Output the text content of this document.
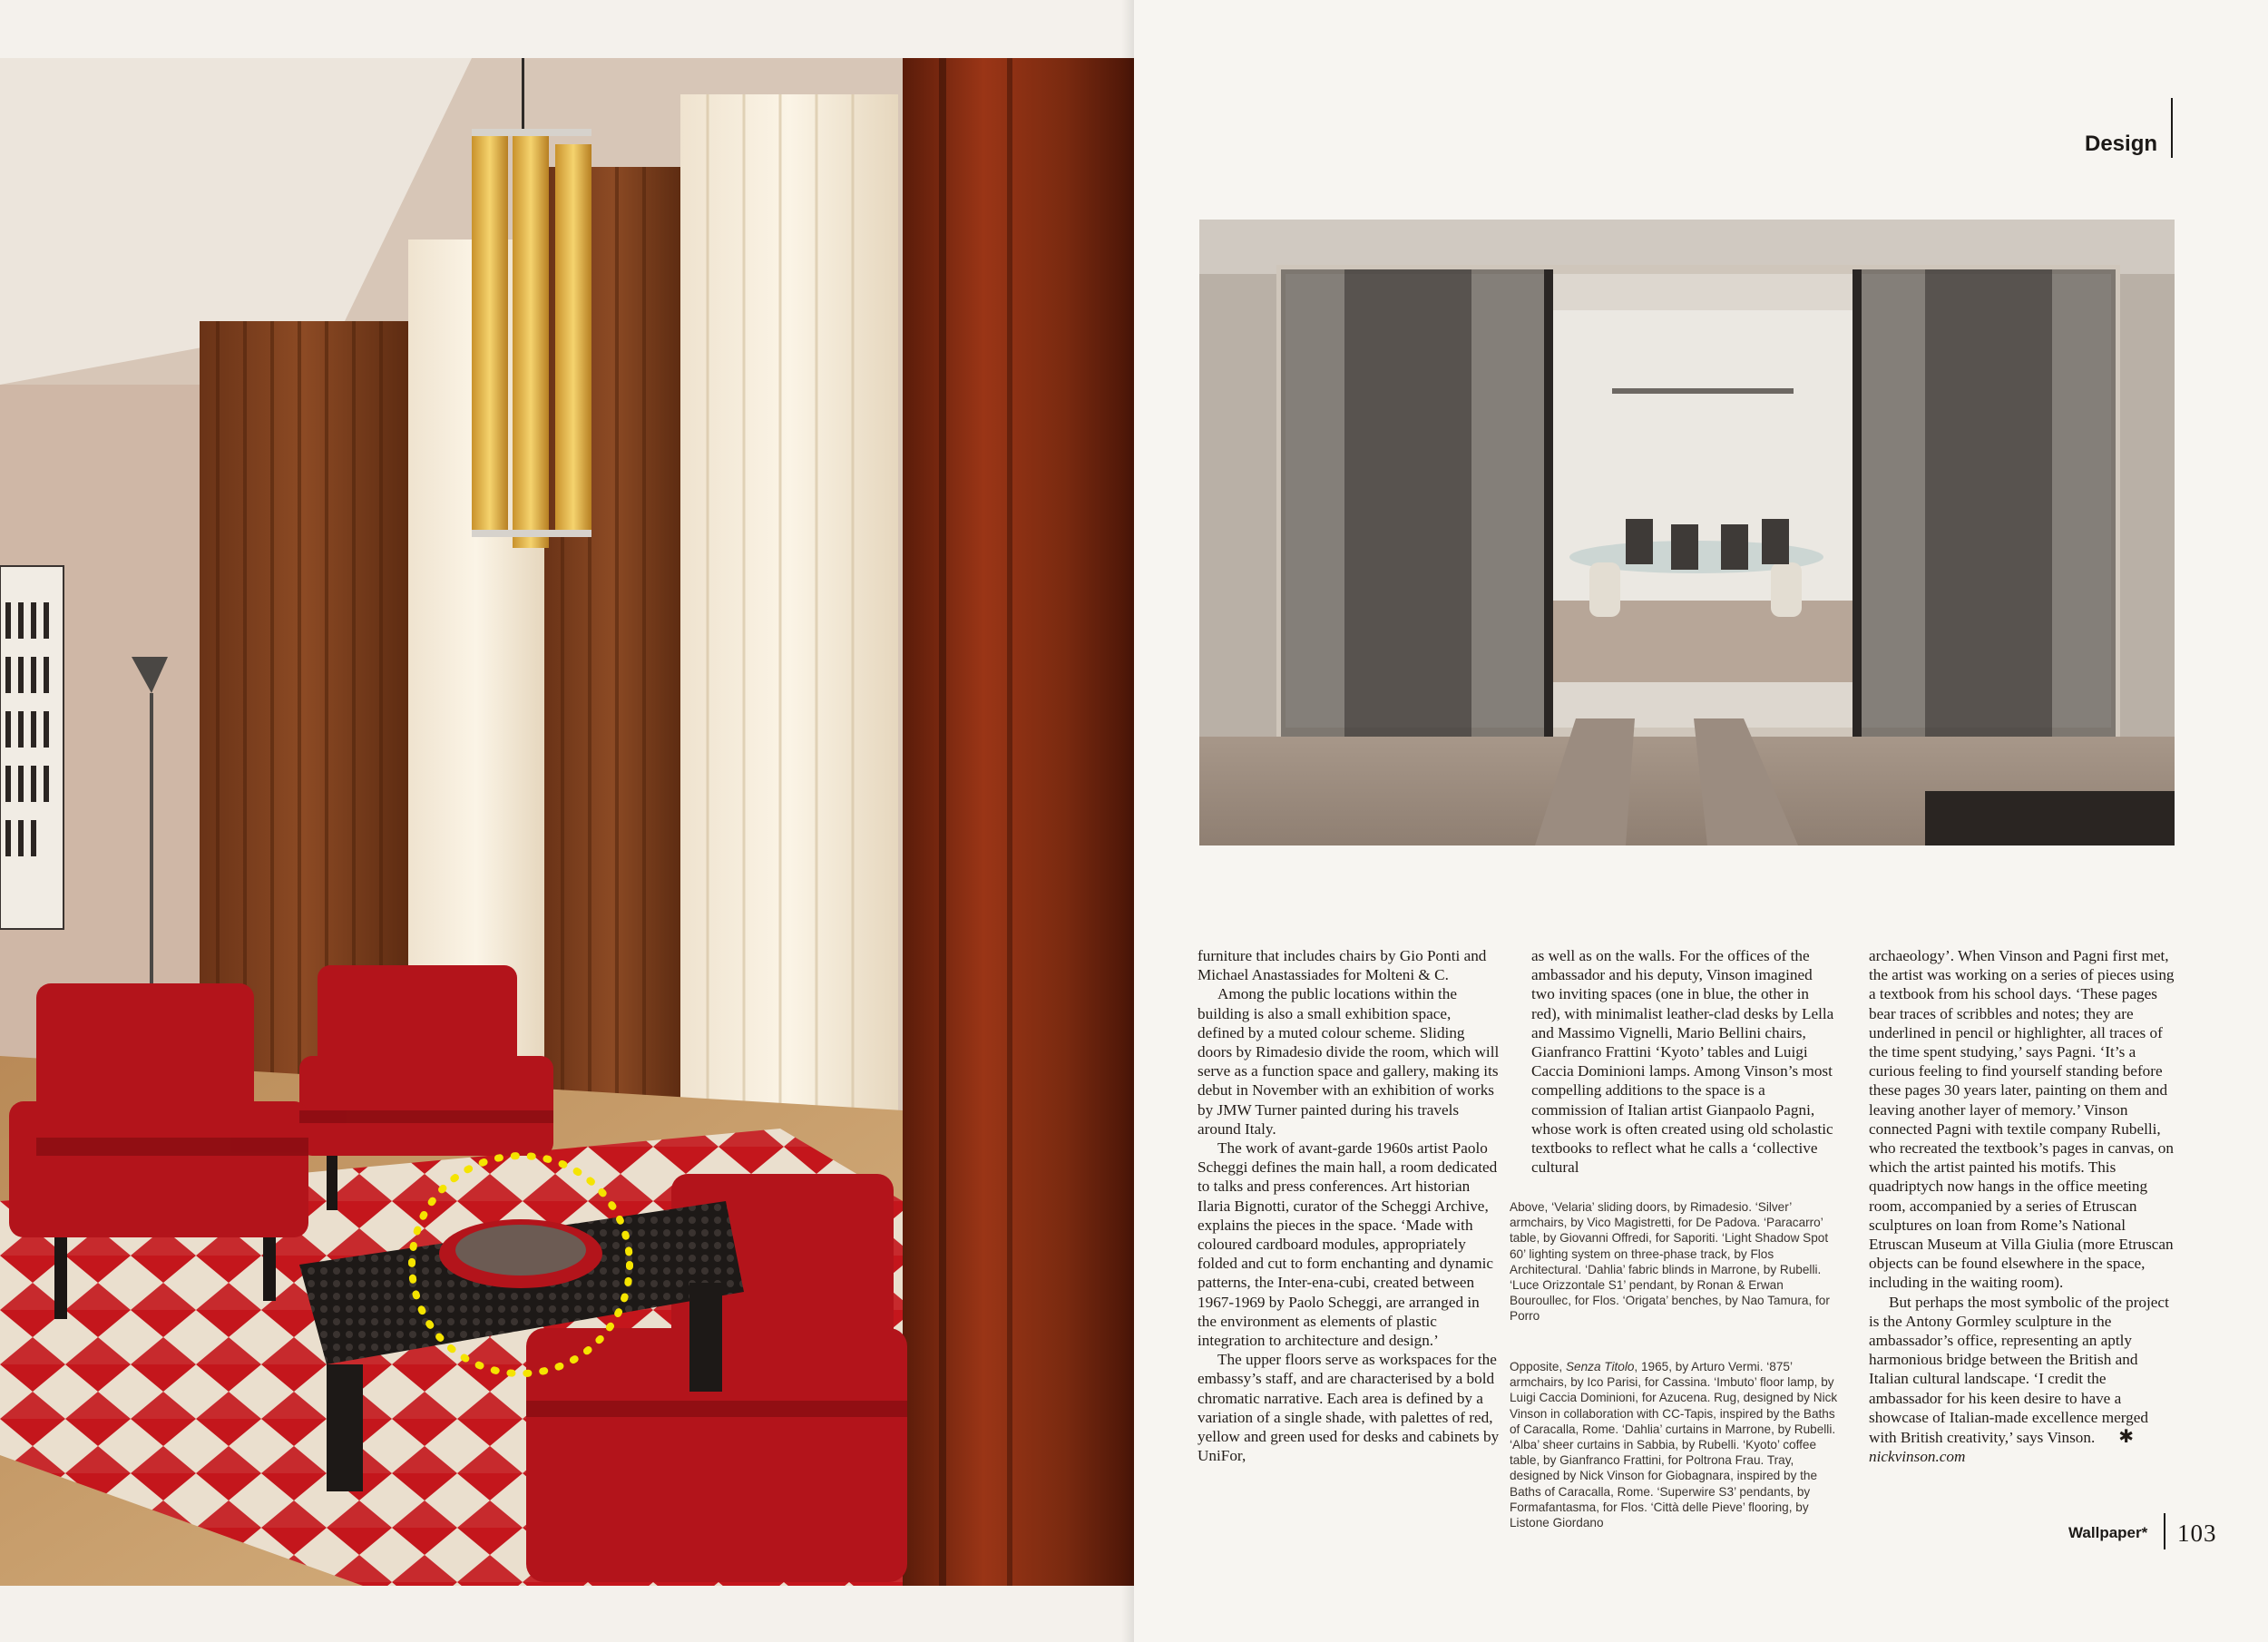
Design

furniture that includes chairs by Gio Ponti and Michael Anastassiades for Molteni & C.

Among the public locations within the building is also a small exhibition space, defined by a muted colour scheme. Sliding doors by Rimadesio divide the room, which will serve as a function space and gallery, making its debut in November with an exhibition of works by JMW Turner painted during his travels around Italy.

The work of avant-garde 1960s artist Paolo Scheggi defines the main hall, a room dedicated to talks and press conferences. Art historian Ilaria Bignotti, curator of the Scheggi Archive, explains the pieces in the space. ‘Made with coloured cardboard modules, appropriately folded and cut to form enchanting and dynamic patterns, the Inter-ena-cubi, created between 1967-1969 by Paolo Scheggi, are arranged in the environment as elements of plastic integration to architecture and design.’

The upper floors serve as workspaces for the embassy’s staff, and are characterised by a bold chromatic narrative. Each area is defined by a variation of a single shade, with palettes of red, yellow and green used for desks and cabinets by UniFor,

as well as on the walls. For the offices of the ambassador and his deputy, Vinson imagined two inviting spaces (one in blue, the other in red), with minimalist leather-clad desks by Lella and Massimo Vignelli, Mario Bellini chairs, Gianfranco Frattini ‘Kyoto’ tables and Luigi Caccia Dominioni lamps. Among Vinson’s most compelling additions to the space is a commission of Italian artist Gianpaolo Pagni, whose work is often created using old scholastic textbooks to reflect what he calls a ‘collective cultural

Above, ‘Velaria’ sliding doors, by Rimadesio. ‘Silver’ armchairs, by Vico Magistretti, for De Padova. ‘Paracarro’ table, by Giovanni Offredi, for Saporiti. ‘Light Shadow Spot 60’ lighting system on three-phase track, by Flos Architectural. ‘Dahlia’ fabric blinds in Marrone, by Rubelli. ‘Luce Orizzontale S1’ pendant, by Ronan & Erwan Bouroullec, for Flos. ‘Origata’ benches, by Nao Tamura, for Porro

Opposite, Senza Titolo, 1965, by Arturo Vermi. ‘875’ armchairs, by Ico Parisi, for Cassina. ‘Imbuto’ floor lamp, by Luigi Caccia Dominioni, for Azucena. Rug, designed by Nick Vinson in collaboration with CC-Tapis, inspired by the Baths of Caracalla, Rome. ‘Dahlia’ curtains in Marrone, by Rubelli. ‘Alba’ sheer curtains in Sabbia, by Rubelli. ‘Kyoto’ coffee table, by Gianfranco Frattini, for Poltrona Frau. Tray, designed by Nick Vinson for Giobagnara, inspired by the Baths of Caracalla, Rome. ‘Superwire S3’ pendants, by Formafantasma, for Flos. ‘Città delle Pieve’ flooring, by Listone Giordano

archaeology’. When Vinson and Pagni first met, the artist was working on a series of pieces using a textbook from his school days. ‘These pages bear traces of scribbles and notes; they are underlined in pencil or highlighter, all traces of the time spent studying,’ says Pagni. ‘It’s a curious feeling to find yourself standing before these pages 30 years later, painting on them and leaving another layer of memory.’ Vinson connected Pagni with textile company Rubelli, who recreated the textbook’s pages in canvas, on which the artist painted his motifs. This quadriptych now hangs in the office meeting room, accompanied by a series of Etruscan sculptures on loan from Rome’s National Etruscan Museum at Villa Giulia (more Etruscan objects can be found elsewhere in the space, including in the waiting room).

But perhaps the most symbolic of the project is the Antony Gormley sculpture in the ambassador’s office, representing an aptly harmonious bridge between the British and Italian cultural landscape. ‘I credit the ambassador for his keen desire to have a showcase of Italian-made excellence merged with British creativity,’ says Vinson. ✱

nickvinson.com

Wallpaper* 103
